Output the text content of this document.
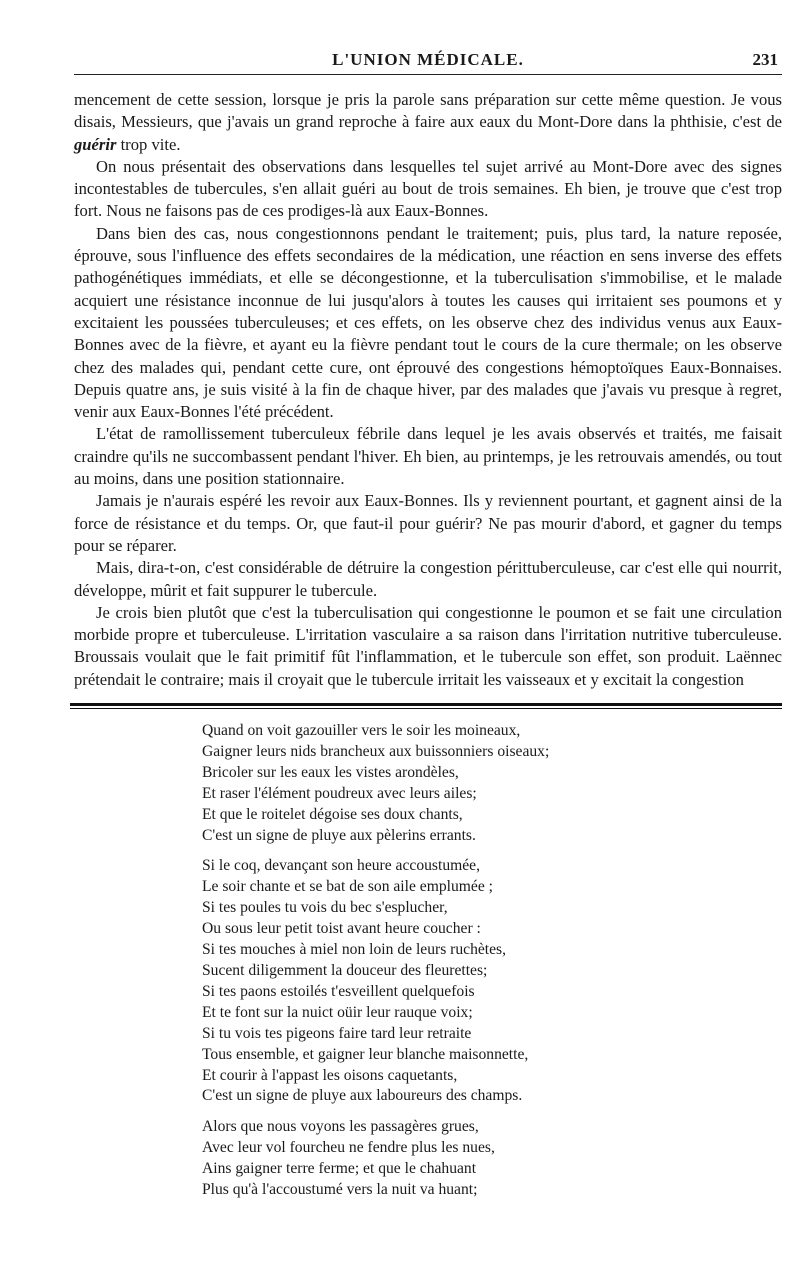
L'UNION MÉDICALE.	231

mencement de cette session, lorsque je pris la parole sans préparation sur cette même question. Je vous disais, Messieurs, que j'avais un grand reproche à faire aux eaux du Mont-Dore dans la phthisie, c'est de guérir trop vite.

On nous présentait des observations dans lesquelles tel sujet arrivé au Mont-Dore avec des signes incontestables de tubercules, s'en allait guéri au bout de trois semaines. Eh bien, je trouve que c'est trop fort. Nous ne faisons pas de ces prodiges-là aux Eaux-Bonnes.

Dans bien des cas, nous congestionnons pendant le traitement; puis, plus tard, la nature reposée, éprouve, sous l'influence des effets secondaires de la médication, une réaction en sens inverse des effets pathogénétiques immédiats, et elle se décongestionne, et la tuberculisation s'immobilise, et le malade acquiert une résistance inconnue de lui jusqu'alors à toutes les causes qui irritaient ses poumons et y excitaient les poussées tuberculeuses; et ces effets, on les observe chez des individus venus aux Eaux-Bonnes avec de la fièvre, et ayant eu la fièvre pendant tout le cours de la cure thermale; on les observe chez des malades qui, pendant cette cure, ont éprouvé des congestions hémoptoïques Eaux-Bonnaises. Depuis quatre ans, je suis visité à la fin de chaque hiver, par des malades que j'avais vu presque à regret, venir aux Eaux-Bonnes l'été précédent.

L'état de ramollissement tuberculeux fébrile dans lequel je les avais observés et traités, me faisait craindre qu'ils ne succombassent pendant l'hiver. Eh bien, au printemps, je les retrouvais amendés, ou tout au moins, dans une position stationnaire.

Jamais je n'aurais espéré les revoir aux Eaux-Bonnes. Ils y reviennent pourtant, et gagnent ainsi de la force de résistance et du temps. Or, que faut-il pour guérir? Ne pas mourir d'abord, et gagner du temps pour se réparer.

Mais, dira-t-on, c'est considérable de détruire la congestion périttuberculeuse, car c'est elle qui nourrit, développe, mûrit et fait suppurer le tubercule.

Je crois bien plutôt que c'est la tuberculisation qui congestionne le poumon et se fait une circulation morbide propre et tuberculeuse. L'irritation vasculaire a sa raison dans l'irritation nutritive tuberculeuse. Broussais voulait que le fait primitif fût l'inflammation, et le tubercule son effet, son produit. Laënnec prétendait le contraire; mais il croyait que le tubercule irritait les vaisseaux et y excitait la congestion

Quand on voit gazouiller vers le soir les moineaux,
Gaigner leurs nids brancheux aux buissonniers oiseaux;
Bricoler sur les eaux les vistes arondèles,
Et raser l'élément poudreux avec leurs ailes;
Et que le roitelet dégoise ses doux chants,
C'est un signe de pluye aux pèlerins errants.
Si le coq, devançant son heure accoustumée,
Le soir chante et se bat de son aile emplumée ;
Si tes poules tu vois du bec s'esplucher,
Ou sous leur petit toist avant heure coucher :
Si tes mouches à miel non loin de leurs ruchètes,
Sucent diligemment la douceur des fleurettes;
Si tes paons estoilés t'esveillent quelquefois
Et te font sur la nuict oüir leur rauque voix;
Si tu vois tes pigeons faire tard leur retraite
Tous ensemble, et gaigner leur blanche maisonnette,
Et courir à l'appast les oisons caquetants,
C'est un signe de pluye aux laboureurs des champs.
Alors que nous voyons les passagères grues,
Avec leur vol fourcheu ne fendre plus les nues,
Ains gaigner terre ferme; et que le chahuant
Plus qu'à l'accoustumé vers la nuit va huant;
